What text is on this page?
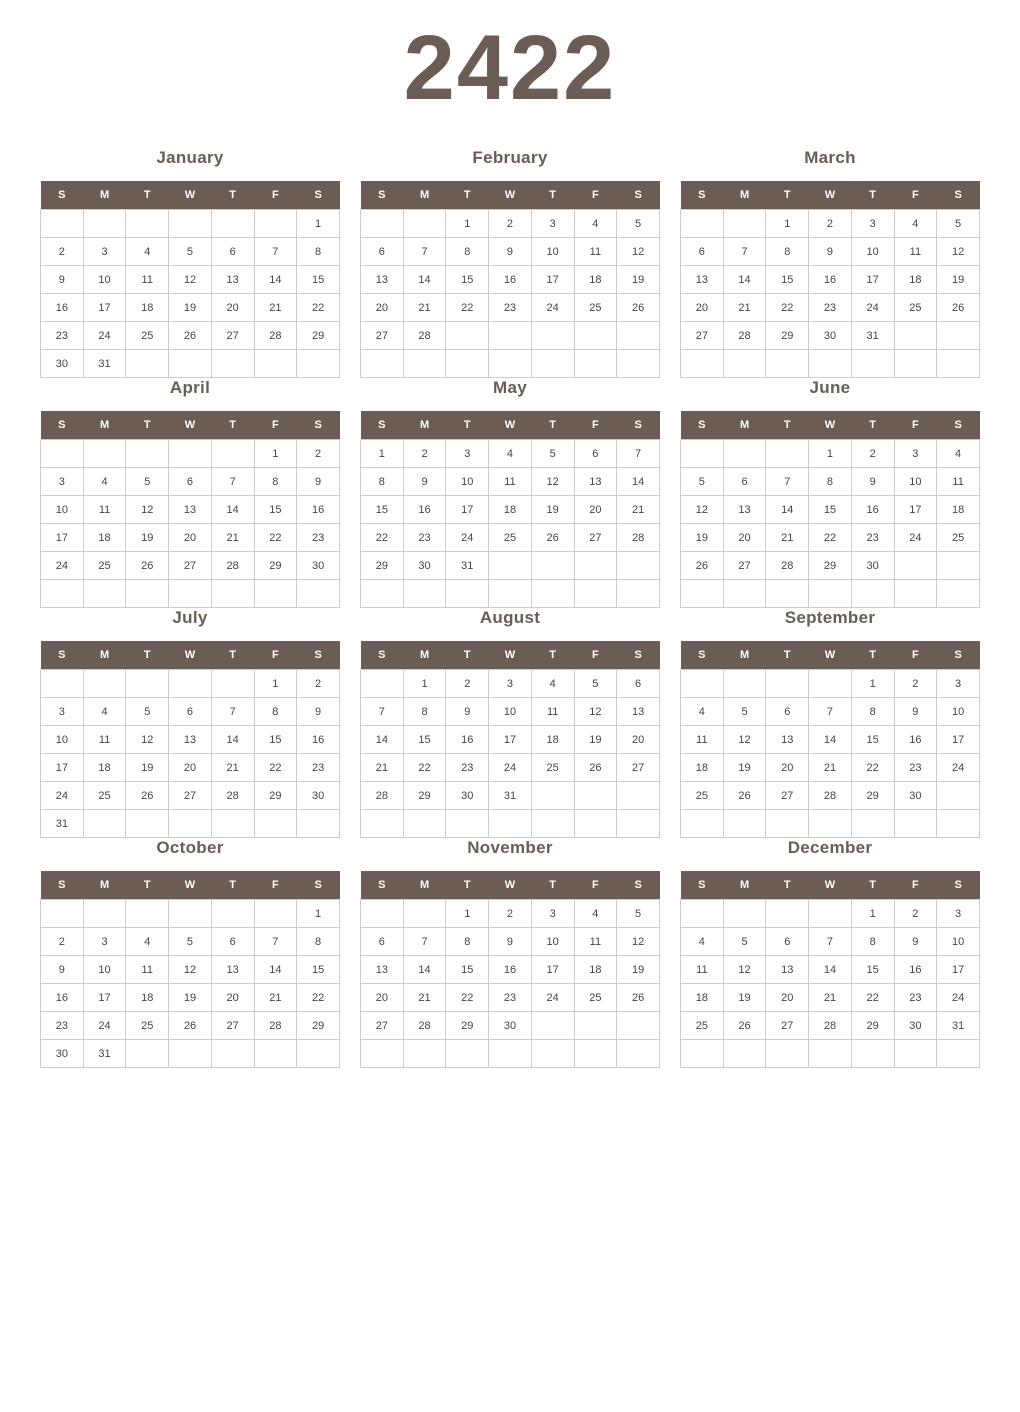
2422
January
S	M	T	W	T	F	S
						1
2	3	4	5	6	7	8
9	10	11	12	13	14	15
16	17	18	19	20	21	22
23	24	25	26	27	28	29
30	31					
February
S	M	T	W	T	F	S
		1	2	3	4	5
6	7	8	9	10	11	12
13	14	15	16	17	18	19
20	21	22	23	24	25	26
27	28					

March
S	M	T	W	T	F	S
		1	2	3	4	5
6	7	8	9	10	11	12
13	14	15	16	17	18	19
20	21	22	23	24	25	26
27	28	29	30	31		

April
S	M	T	W	T	F	S
					1	2
3	4	5	6	7	8	9
10	11	12	13	14	15	16
17	18	19	20	21	22	23
24	25	26	27	28	29	30

May
S	M	T	W	T	F	S
1	2	3	4	5	6	7
8	9	10	11	12	13	14
15	16	17	18	19	20	21
22	23	24	25	26	27	28
29	30	31				

June
S	M	T	W	T	F	S
			1	2	3	4
5	6	7	8	9	10	11
12	13	14	15	16	17	18
19	20	21	22	23	24	25
26	27	28	29	30		

July
S	M	T	W	T	F	S
					1	2
3	4	5	6	7	8	9
10	11	12	13	14	15	16
17	18	19	20	21	22	23
24	25	26	27	28	29	30
31						
August
S	M	T	W	T	F	S
	1	2	3	4	5	6
7	8	9	10	11	12	13
14	15	16	17	18	19	20
21	22	23	24	25	26	27
28	29	30	31			

September
S	M	T	W	T	F	S
				1	2	3
4	5	6	7	8	9	10
11	12	13	14	15	16	17
18	19	20	21	22	23	24
25	26	27	28	29	30	

October
S	M	T	W	T	F	S
						1
2	3	4	5	6	7	8
9	10	11	12	13	14	15
16	17	18	19	20	21	22
23	24	25	26	27	28	29
30	31					
November
S	M	T	W	T	F	S
		1	2	3	4	5
6	7	8	9	10	11	12
13	14	15	16	17	18	19
20	21	22	23	24	25	26
27	28	29	30			

December
S	M	T	W	T	F	S
				1	2	3
4	5	6	7	8	9	10
11	12	13	14	15	16	17
18	19	20	21	22	23	24
25	26	27	28	29	30	31
